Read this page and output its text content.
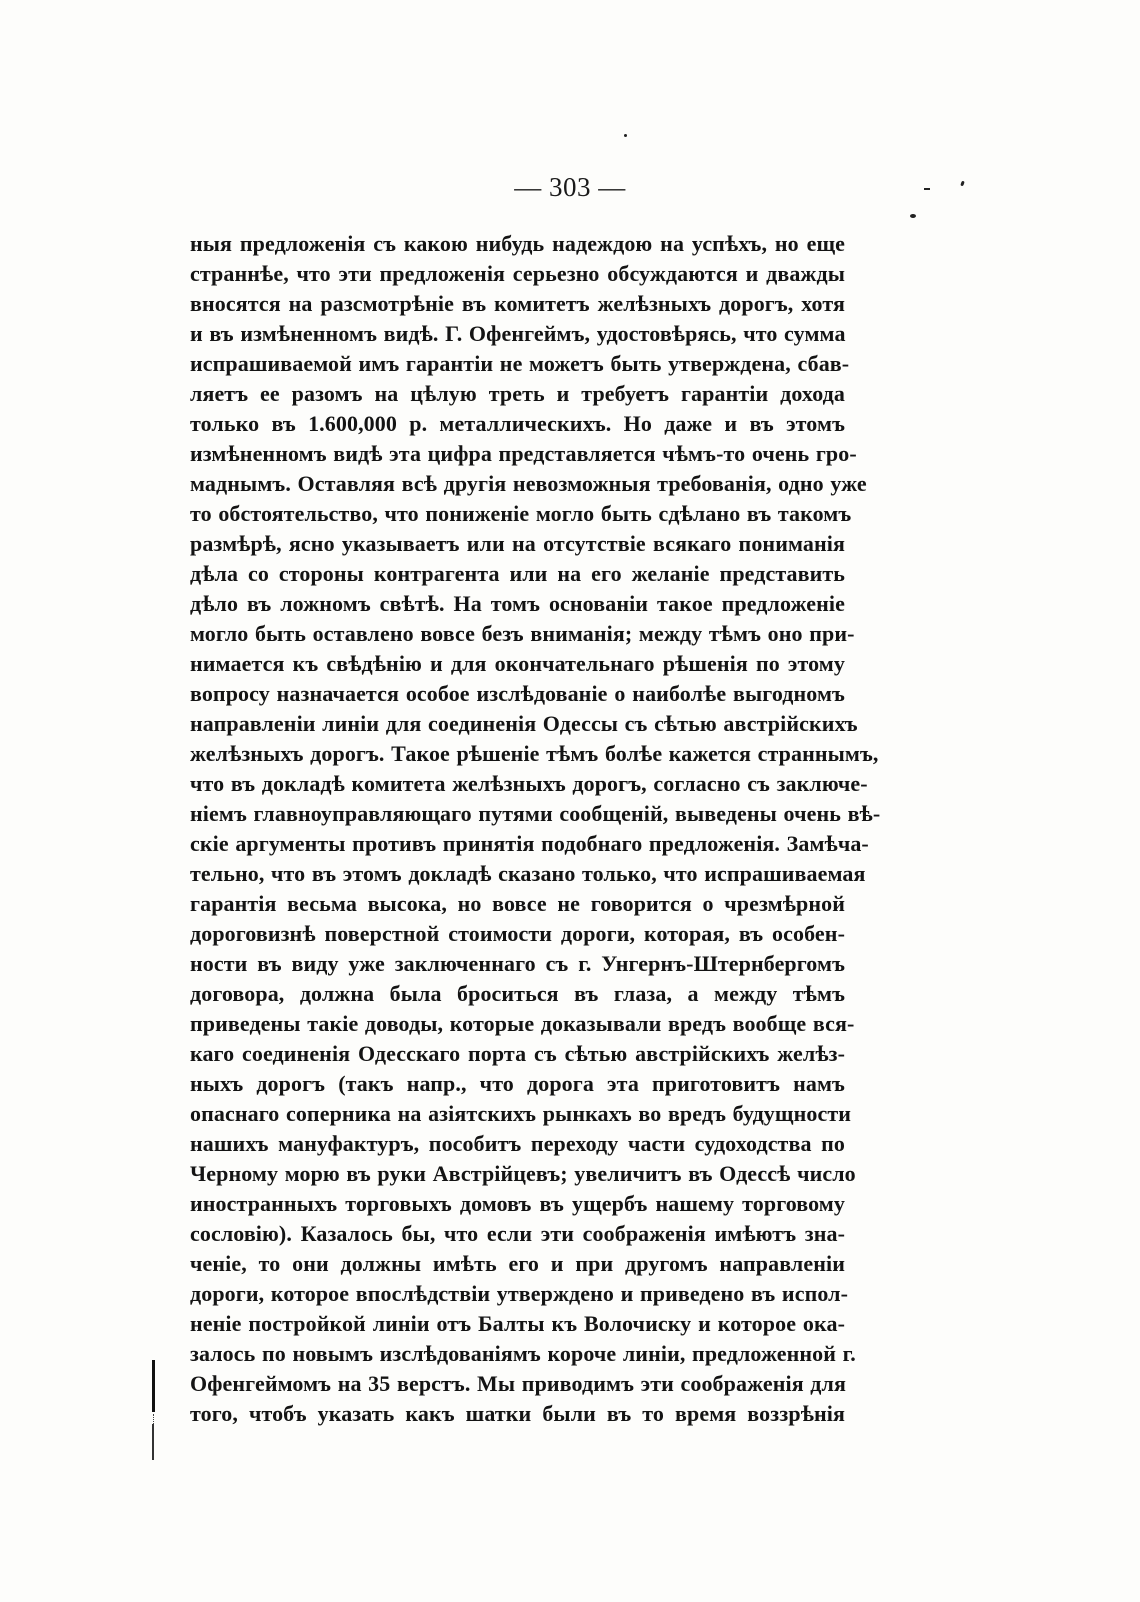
— 303 —
ныя предложенія съ какою нибудь надеждою на успѣхъ, но еще
страннѣе, что эти предложенія серьезно обсуждаются и дважды
вносятся на разсмотрѣніе въ комитетъ желѣзныхъ дорогъ, хотя
и въ измѣненномъ видѣ. Г. Офенгеймъ, удостовѣрясь, что сумма
испрашиваемой имъ гарантіи не можетъ быть утверждена, сбав-
ляетъ ее разомъ на цѣлую треть и требуетъ гарантіи дохода
только въ 1.600,000 р. металлическихъ. Но даже и въ этомъ
измѣненномъ видѣ эта цифра представляется чѣмъ-то очень гро-
маднымъ. Оставляя всѣ другія невозможныя требованія, одно уже
то обстоятельство, что пониженіе могло быть сдѣлано въ такомъ
размѣрѣ, ясно указываетъ или на отсутствіе всякаго пониманія
дѣла со стороны контрагента или на его желаніе представить
дѣло въ ложномъ свѣтѣ. На томъ основаніи такое предложеніе
могло быть оставлено вовсе безъ вниманія; между тѣмъ оно при-
нимается къ свѣдѣнію и для окончательнаго рѣшенія по этому
вопросу назначается особое изслѣдованіе о наиболѣе выгодномъ
направленіи линіи для соединенія Одессы съ сѣтью австрійскихъ
желѣзныхъ дорогъ. Такое рѣшеніе тѣмъ болѣе кажется страннымъ,
что въ докладѣ комитета желѣзныхъ дорогъ, согласно съ заключе-
ніемъ главноуправляющаго путями сообщеній, выведены очень вѣ-
скіе аргументы противъ принятія подобнаго предложенія. Замѣча-
тельно, что въ этомъ докладѣ сказано только, что испрашиваемая
гарантія весьма высока, но вовсе не говорится о чрезмѣрной
дороговизнѣ поверстной стоимости дороги, которая, въ особен-
ности въ виду уже заключеннаго съ г. Унгернъ-Штернбергомъ
договора, должна была броситься въ глаза, а между тѣмъ
приведены такіе доводы, которые доказывали вредъ вообще вся-
каго соединенія Одесскаго порта съ сѣтью австрійскихъ желѣз-
ныхъ дорогъ (такъ напр., что дорога эта приготовитъ намъ
опаснаго соперника на азіятскихъ рынкахъ во вредъ будущности
нашихъ мануфактуръ, пособитъ переходу части судоходства по
Черному морю въ руки Австрійцевъ; увеличитъ въ Одессѣ число
иностранныхъ торговыхъ домовъ въ ущербъ нашему торговому
сословію). Казалось бы, что если эти соображенія имѣютъ зна-
ченіе, то они должны имѣть его и при другомъ направленіи
дороги, которое впослѣдствіи утверждено и приведено въ испол-
неніе постройкой линіи отъ Балты къ Волочиску и которое ока-
залось по новымъ изслѣдованіямъ короче линіи, предложенной г.
Офенгеймомъ на 35 верстъ. Мы приводимъ эти соображенія для
того, чтобъ указать какъ шатки были въ то время воззрѣнія
